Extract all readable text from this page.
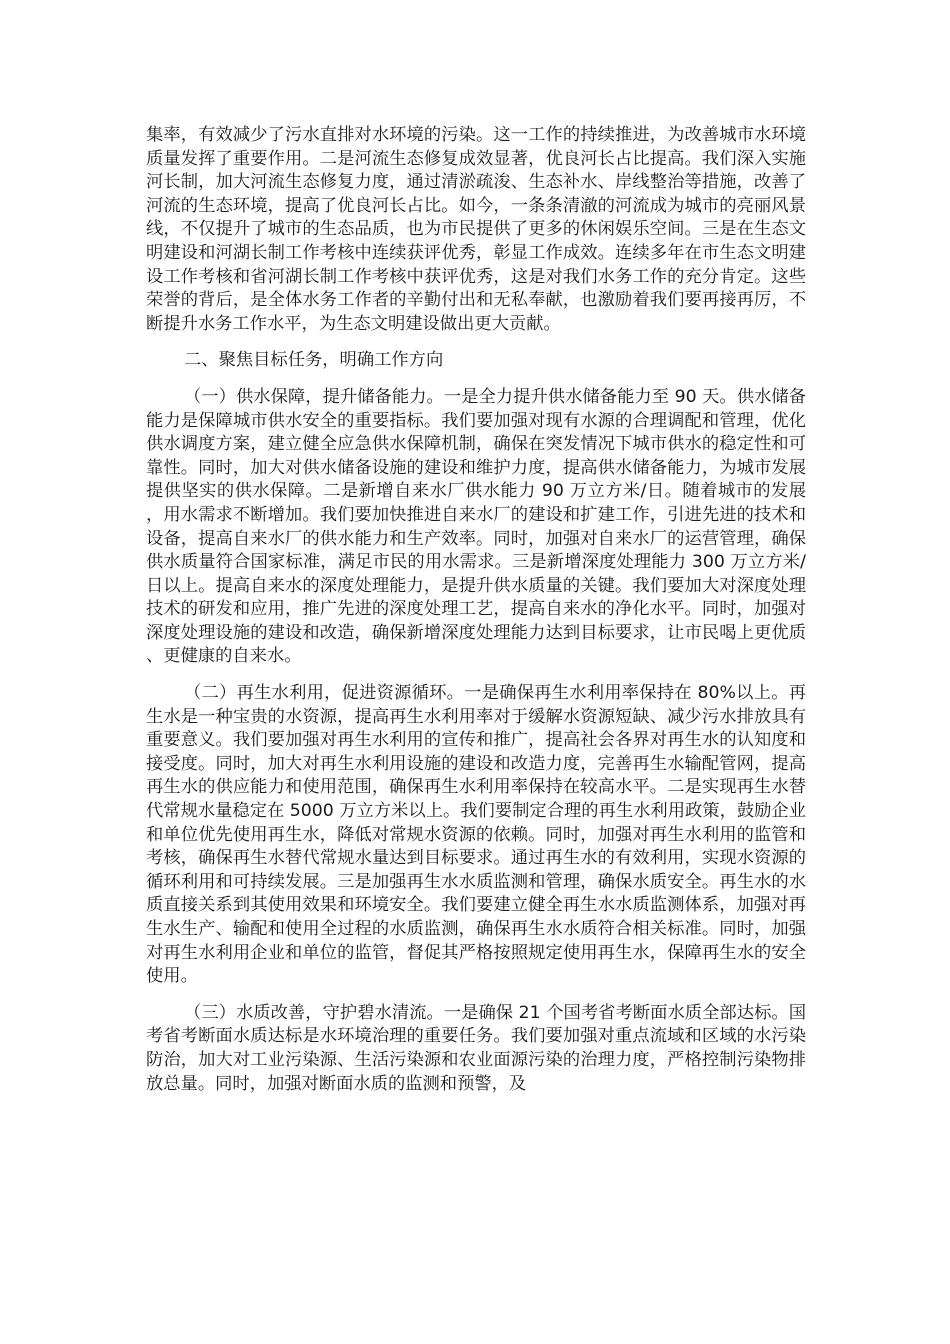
集率，有效减少了污水直排对水环境的污染。这一工作的持续推进，为改善城市水环境质量发挥了重要作用。二是河流生态修复成效显著，优良河长占比提高。我们深入实施河长制，加大河流生态修复力度，通过清淤疏浚、生态补水、岸线整治等措施，改善了河流的生态环境，提高了优良河长占比。如今，一条条清澈的河流成为城市的亮丽风景线，不仅提升了城市的生态品质，也为市民提供了更多的休闲娱乐空间。三是在生态文明建设和河湖长制工作考核中连续获评优秀，彰显工作成效。连续多年在市生态文明建设工作考核和省河湖长制工作考核中获评优秀，这是对我们水务工作的充分肯定。这些荣誉的背后，是全体水务工作者的辛勤付出和无私奉献，也激励着我们要再接再厉，不断提升水务工作水平，为生态文明建设做出更大贡献。

二、聚焦目标任务，明确工作方向

（一）供水保障，提升储备能力。一是全力提升供水储备能力至 90 天。供水储备能力是保障城市供水安全的重要指标。我们要加强对现有水源的合理调配和管理，优化供水调度方案，建立健全应急供水保障机制，确保在突发情况下城市供水的稳定性和可靠性。同时，加大对供水储备设施的建设和维护力度，提高供水储备能力，为城市发展提供坚实的供水保障。二是新增自来水厂供水能力 90 万立方米/日。随着城市的发展，用水需求不断增加。我们要加快推进自来水厂的建设和扩建工作，引进先进的技术和设备，提高自来水厂的供水能力和生产效率。同时，加强对自来水厂的运营管理，确保供水质量符合国家标准，满足市民的用水需求。三是新增深度处理能力 300 万立方米/日以上。提高自来水的深度处理能力，是提升供水质量的关键。我们要加大对深度处理技术的研发和应用，推广先进的深度处理工艺，提高自来水的净化水平。同时，加强对深度处理设施的建设和改造，确保新增深度处理能力达到目标要求，让市民喝上更优质、更健康的自来水。

（二）再生水利用，促进资源循环。一是确保再生水利用率保持在 80%以上。再生水是一种宝贵的水资源，提高再生水利用率对于缓解水资源短缺、减少污水排放具有重要意义。我们要加强对再生水利用的宣传和推广，提高社会各界对再生水的认知度和接受度。同时，加大对再生水利用设施的建设和改造力度，完善再生水输配管网，提高再生水的供应能力和使用范围，确保再生水利用率保持在较高水平。二是实现再生水替代常规水量稳定在 5000 万立方米以上。我们要制定合理的再生水利用政策，鼓励企业和单位优先使用再生水，降低对常规水资源的依赖。同时，加强对再生水利用的监管和考核，确保再生水替代常规水量达到目标要求。通过再生水的有效利用，实现水资源的循环利用和可持续发展。三是加强再生水水质监测和管理，确保水质安全。再生水的水质直接关系到其使用效果和环境安全。我们要建立健全再生水水质监测体系，加强对再生水生产、输配和使用全过程的水质监测，确保再生水水质符合相关标准。同时，加强对再生水利用企业和单位的监管，督促其严格按照规定使用再生水，保障再生水的安全使用。

（三）水质改善，守护碧水清流。一是确保 21 个国考省考断面水质全部达标。国考省考断面水质达标是水环境治理的重要任务。我们要加强对重点流域和区域的水污染防治，加大对工业污染源、生活污染源和农业面源污染的治理力度，严格控制污染物排放总量。同时，加强对断面水质的监测和预警，及
